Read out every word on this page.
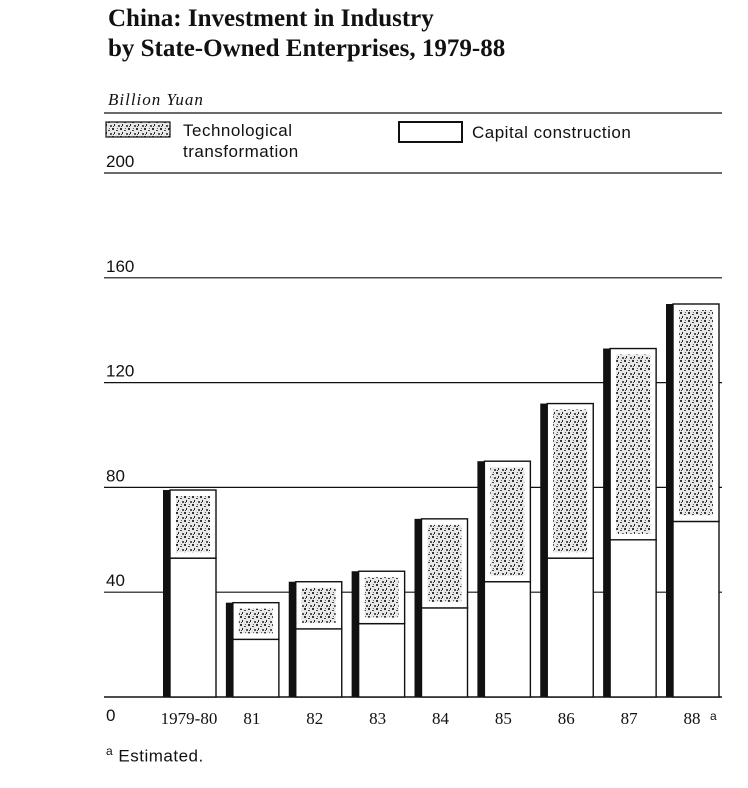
China: Investment in Industry
by State-Owned Enterprises, 1979-88
Billion Yuan
0
40
80
120
160
200
1979-80 81	82	83	84	85	86	87	88 a
Technological
transformation
Capital construction
$^a$ Estimated.
